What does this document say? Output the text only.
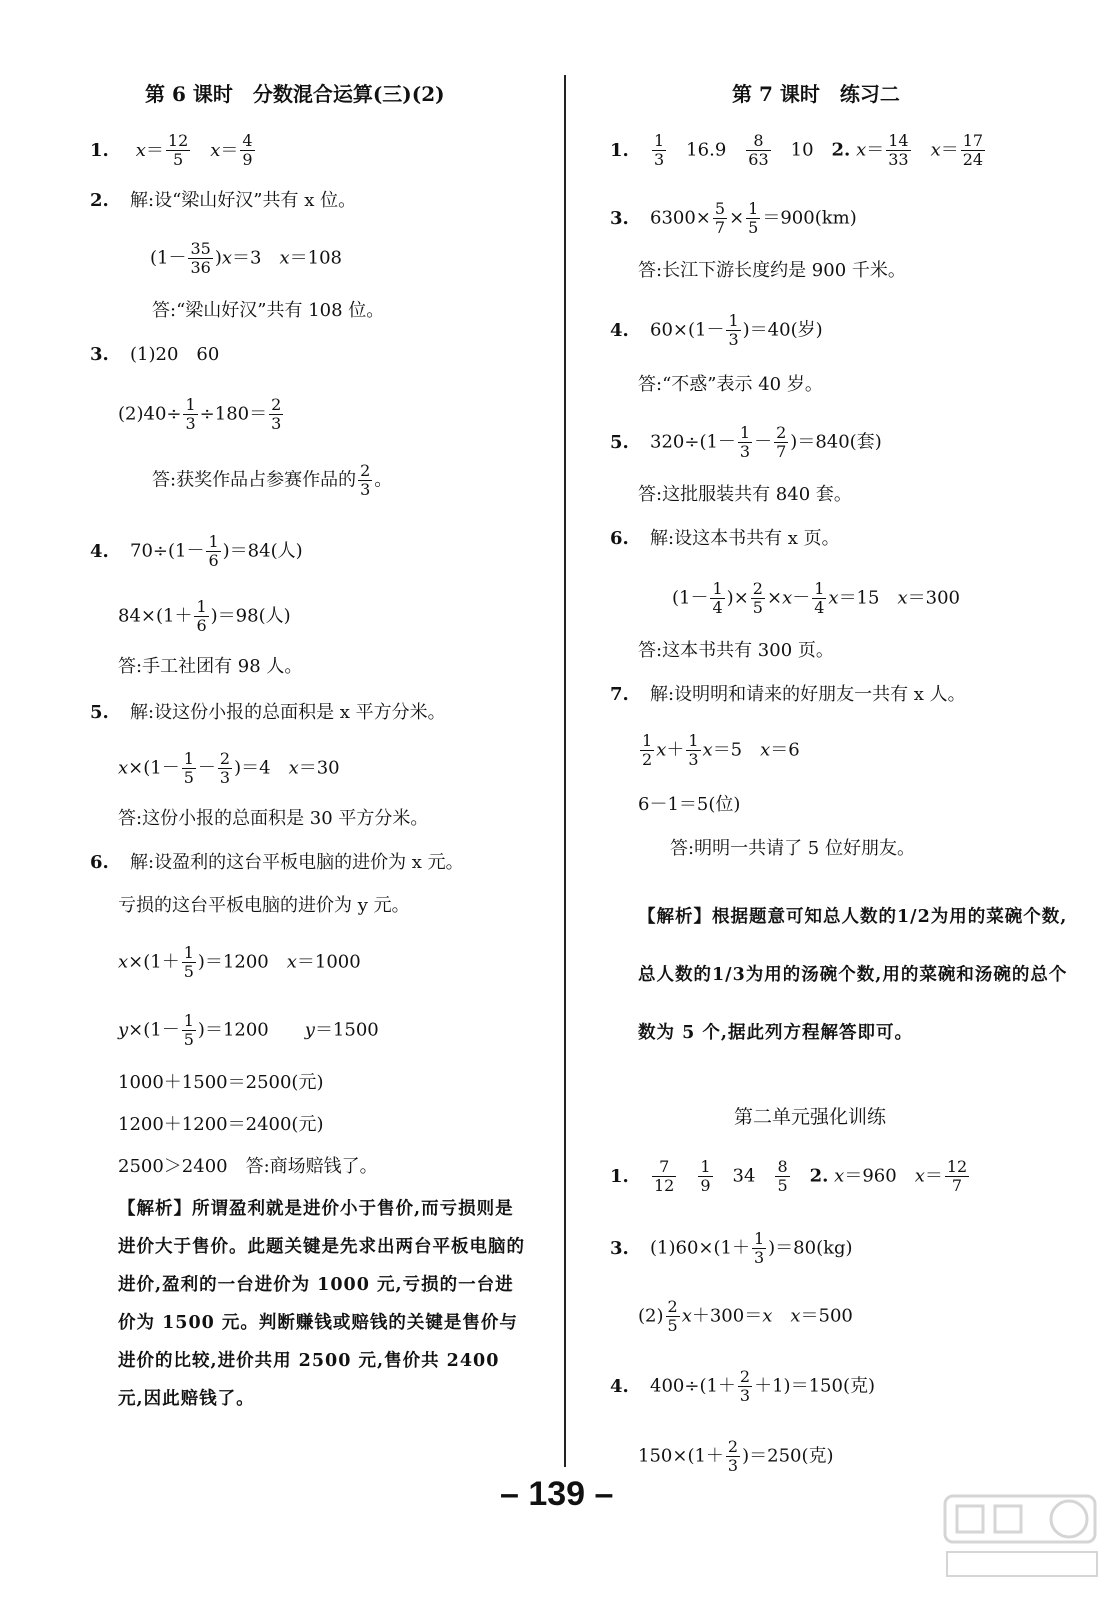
第 6 课时　分数混合运算(三)(2)
1. $x= \frac{12}{5}$
　 $x= \frac{4}{9}$
2. 解:设“梁山好汉”共有 x 位。
$(1- \frac{35}{36} )x=3$　x＝108
答:“梁山好汉”共有 108 位。
3. (1)20　60
$(2)40\div \frac{1}{3} \div 180= \frac{2}{3}$
答:获奖作品占参赛作品的 $\frac{2}{3}$ 。
4. $70\div(1- \frac{1}{6} )=84$(人)
$84\times(1+ \frac{1}{6} )=98$(人)
答:手工社团有 98 人。
5. 解:设这份小报的总面积是 x 平方分米。
$x\times(1- \frac{1}{5} - \frac{2}{3} )=4$　x＝30
答:这份小报的总面积是 30 平方分米。
6. 解:设盈利的这台平板电脑的进价为 x 元。
亏损的这台平板电脑的进价为 y 元。
$x\times(1+ \frac{1}{5} )=1200$　x＝1000
$y\times(1- \frac{1}{5} )=1200$　　y＝1500
1000＋1500＝2500(元)
1200＋1200＝2400(元)
2500＞2400　答:商场赔钱了。
【解析】所谓盈利就是进价小于售价,而亏损则是进价大于售价。此题关键是先求出两台平板电脑的进价,盈利的一台进价为 1000 元,亏损的一台进价为 1500 元。判断赚钱或赔钱的关键是售价与进价的比较,进价共用 2500 元,售价共 2400 元,因此赔钱了。
第 7 课时　练习二
1. $\frac{1}{3}$ 　16.9　 $\frac{8}{63}$ 　10　2. $x= \frac{14}{33}$
　 $x= \frac{17}{24}$
3. $6300\times \frac{5}{7} \times \frac{1}{5} =900(km)$
答:长江下游长度约是 900 千米。
4. $60\times(1- \frac{1}{3} )=40$(岁)
答:“不惑”表示 40 岁。
5. $320\div(1- \frac{1}{3} - \frac{2}{7} )=840$(套)
答:这批服装共有 840 套。
6. 解:设这本书共有 x 页。
($1- \frac{1}{4}$ )× $\frac{2}{5} \times x- \frac{1}{4} x=15$　x＝300
答:这本书共有 300 页。
7. 解:设明明和请来的好朋友一共有 x 人。
$\frac{1}{2} x+ \frac{1}{3} x=5$　x＝6
6－1＝5(位)
答:明明一共请了 5 位好朋友。
【解析】根据题意可知总人数的1/2为用的菜碗个数,总人数的1/3为用的汤碗个数,用的菜碗和汤碗的总个数为 5 个,据此列方程解答即可。
第二单元强化训练
1. $\frac{7}{12}$
　 $\frac{1}{9}$ 　34　 $\frac{8}{5}$
　 2. x＝960　$x= \frac{12}{7}$
3. $(1)60\times(1+ \frac{1}{3} )=80(kg)$
$(2) \frac{2}{5} x+300=x$　 x＝500
4. $400\div(1+ \frac{2}{3} +1)=150$(克)
$150\times(1+ \frac{2}{3} )=250$(克)
– 139 –
